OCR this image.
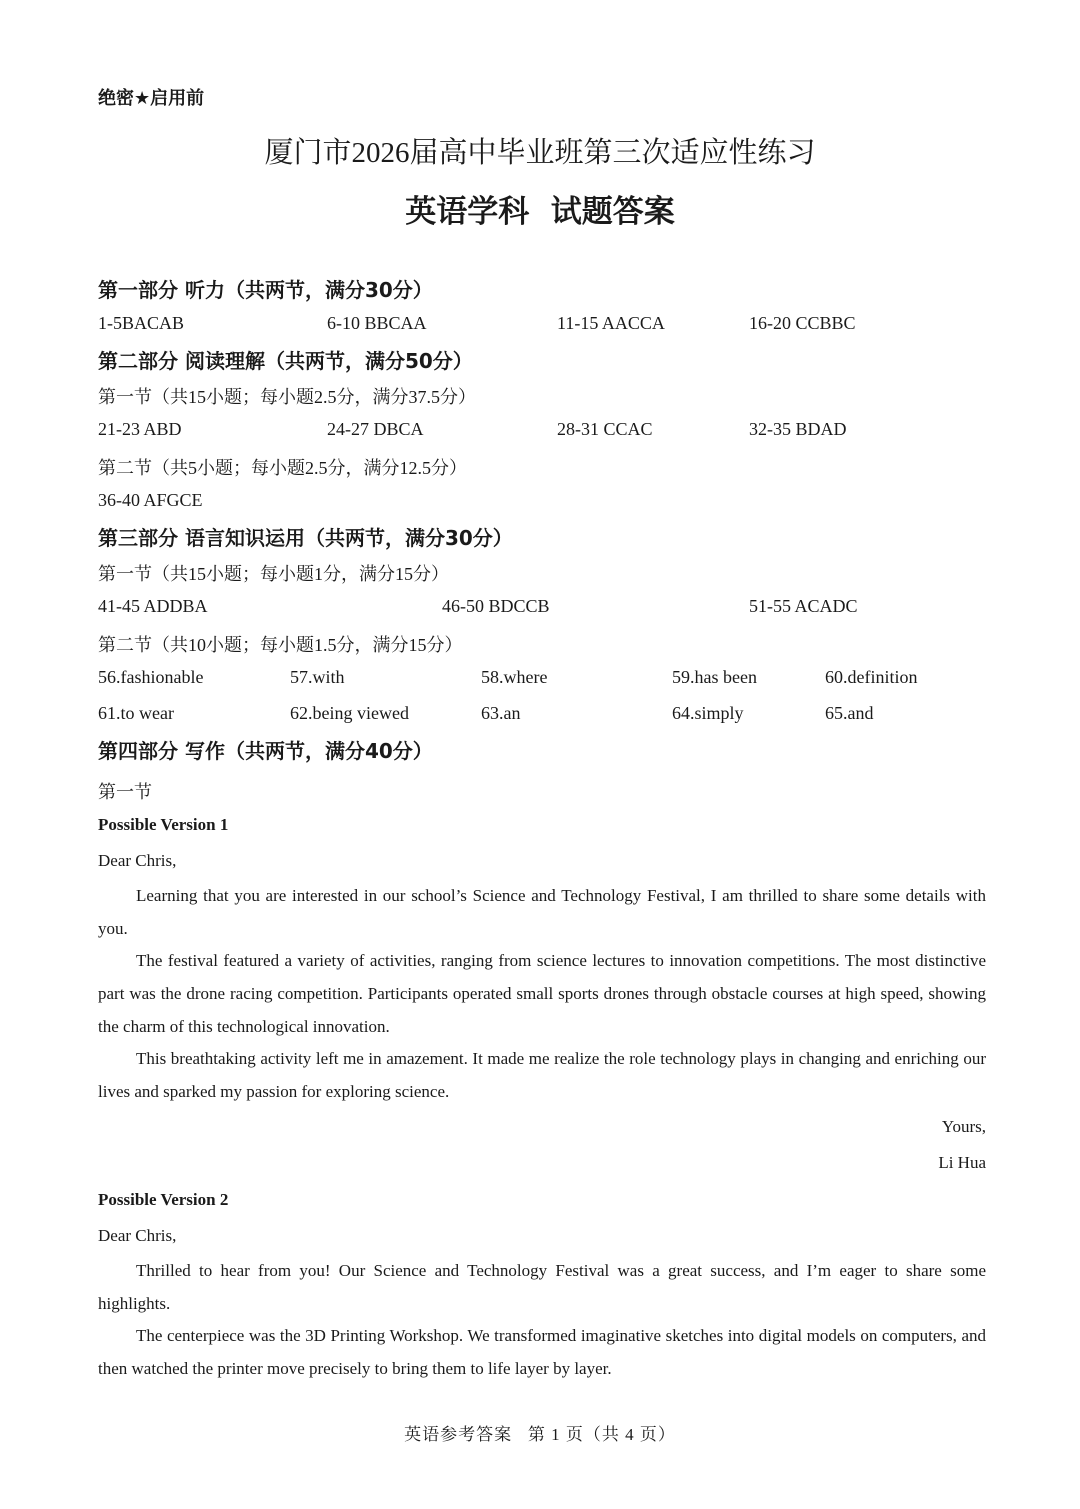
绝密★启用前
厦门市2026届高中毕业班第三次适应性练习
英语学科  试题答案
第一部分 听力（共两节，满分30分）
1-5BACAB	6-10 BBCAA	11-15 AACCA	16-20 CCBBC
第二部分 阅读理解（共两节，满分50分）
第一节（共15小题；每小题2.5分，满分37.5分）
21-23 ABD	24-27 DBCA	28-31 CCAC	32-35 BDAD
第二节（共5小题；每小题2.5分，满分12.5分）
36-40 AFGCE
第三部分 语言知识运用（共两节，满分30分）
第一节（共15小题；每小题1分，满分15分）
41-45 ADDBA	46-50 BDCCB	51-55 ACADC
第二节（共10小题；每小题1.5分，满分15分）
56.fashionable	57.with	58.where	59.has been	60.definition
61.to wear	62.being viewed	63.an	64.simply	65.and
第四部分 写作（共两节，满分40分）
第一节
Possible Version 1
Dear Chris,
Learning that you are interested in our school’s Science and Technology Festival, I am thrilled to share some details with you.
The festival featured a variety of activities, ranging from science lectures to innovation competitions. The most distinctive part was the drone racing competition. Participants operated small sports drones through obstacle courses at high speed, showing the charm of this technological innovation.
This breathtaking activity left me in amazement. It made me realize the role technology plays in changing and enriching our lives and sparked my passion for exploring science.
Yours,
Li Hua
Possible Version 2
Dear Chris,
Thrilled to hear from you! Our Science and Technology Festival was a great success, and I’m eager to share some highlights.
The centerpiece was the 3D Printing Workshop. We transformed imaginative sketches into digital models on computers, and then watched the printer move precisely to bring them to life layer by layer.
英语参考答案   第 1 页（共 4 页）
